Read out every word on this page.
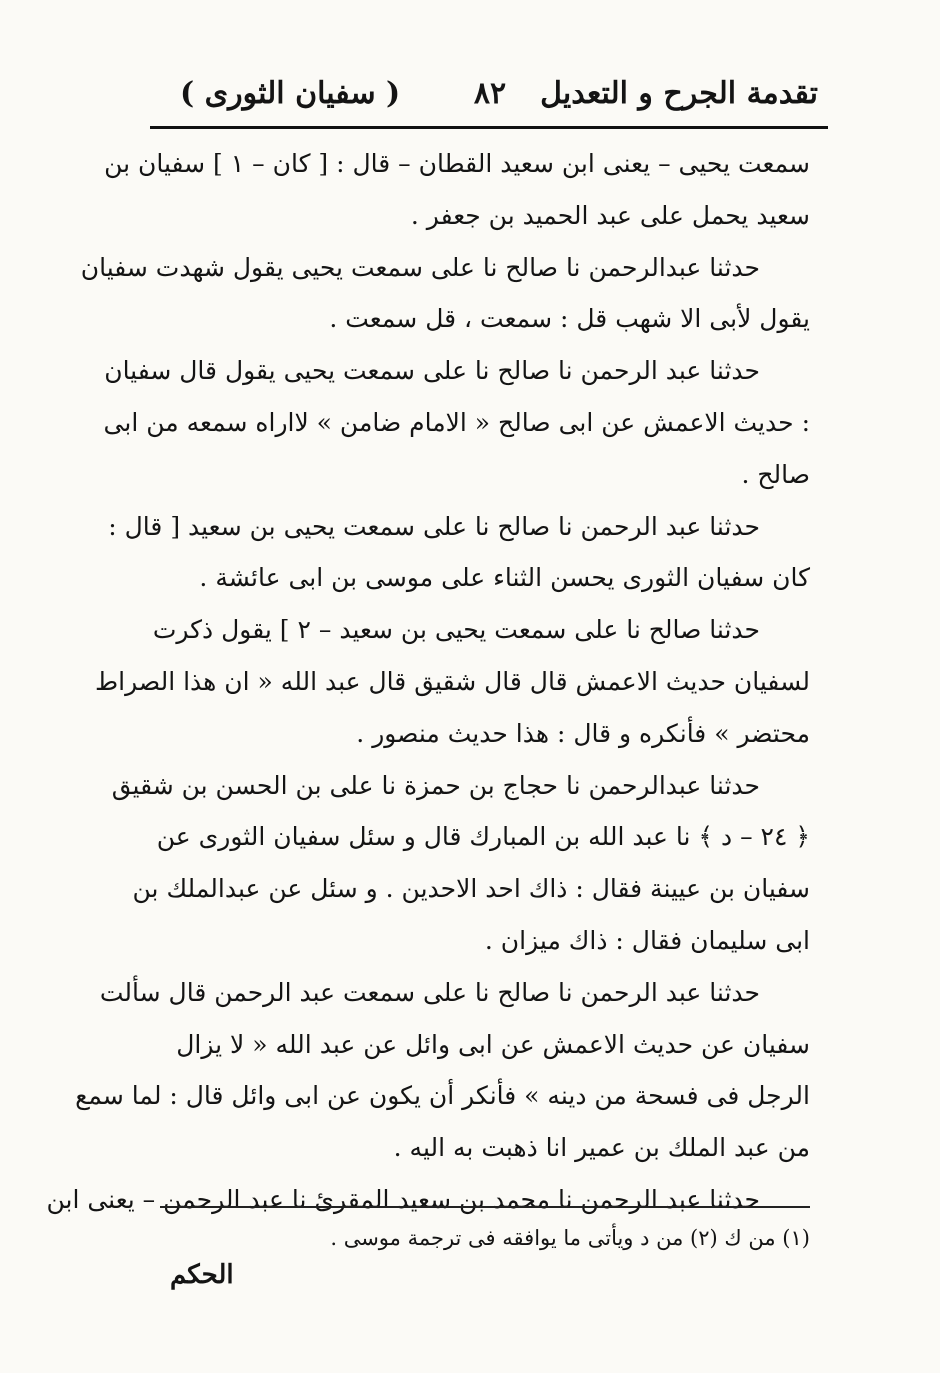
تقدمة الجرح و التعديل
٨٢
( سفيان الثورى )
سمعت يحيى – يعنى ابن سعيد القطان – قال : [ كان – ١ ] سفيان بن
سعيد يحمل على عبد الحميد بن جعفر .
حدثنا عبدالرحمن نا صالح نا على سمعت يحيى يقول شهدت سفيان
يقول لأبى الا شهب قل : سمعت ، قل سمعت .
حدثنا عبد الرحمن نا صالح نا على سمعت يحيى يقول قال سفيان
: حديث الاعمش عن ابى صالح « الامام ضامن » لااراه سمعه من ابى
صالح .
حدثنا عبد الرحمن نا صالح نا على سمعت يحيى بن سعيد [ قال :
كان سفيان الثورى يحسن الثناء على موسى بن ابى عائشة .
حدثنا صالح نا على سمعت يحيى بن سعيد – ٢ ] يقول ذكرت
لسفيان حديث الاعمش قال قال شقيق قال عبد الله « ان هذا الصراط
محتضر » فأنكره و قال : هذا حديث منصور .
حدثنا عبدالرحمن نا حجاج بن حمزة نا على بن الحسن بن شقيق
﴿ ٢٤ – د ﴾ نا عبد الله بن المبارك قال و سئل سفيان الثورى عن
سفيان بن عيينة فقال : ذاك احد الاحدين . و سئل عن عبدالملك بن
ابى سليمان فقال : ذاك ميزان .
حدثنا عبد الرحمن نا صالح نا على سمعت عبد الرحمن قال سألت
سفيان عن حديث الاعمش عن ابى وائل عن عبد الله « لا يزال
الرجل فى فسحة من دينه » فأنكر أن يكون عن ابى وائل قال : لما سمع
من عبد الملك بن عمير انا ذهبت به اليه .
حدثنا عبد الرحمن نا محمد بن سعيد المقرئ نا عبد الرحمن – يعنى ابن
(١) من ك (٢) من د ويأتى ما يوافقه فى ترجمة موسى .
الحكم
